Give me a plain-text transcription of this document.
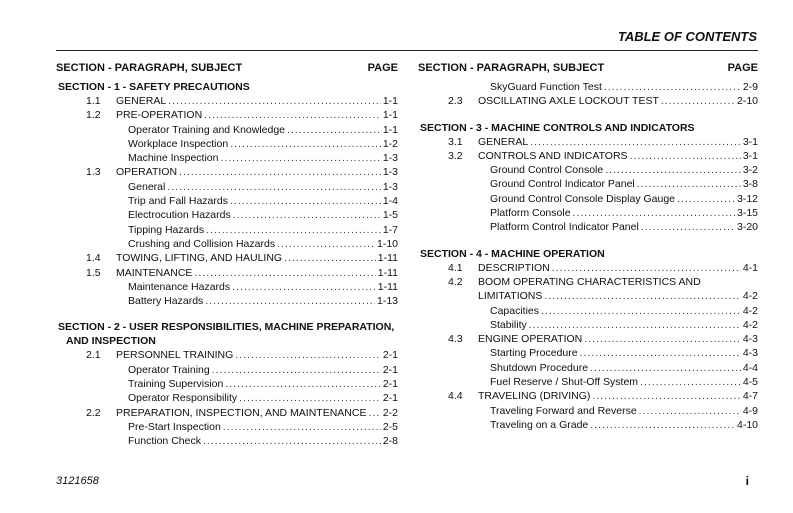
TABLE OF CONTENTS
SECTION - PARAGRAPH, SUBJECT	PAGE
SECTION - 1 - SAFETY PRECAUTIONS
1.1	GENERAL .....	1-1
1.2	PRE-OPERATION .....	1-1
Operator Training and Knowledge .....	1-1
Workplace Inspection .....	1-2
Machine Inspection .....	1-3
1.3	OPERATION .....	1-3
General .....	1-3
Trip and Fall Hazards .....	1-4
Electrocution Hazards .....	1-5
Tipping Hazards .....	1-7
Crushing and Collision Hazards .....	1-10
1.4	TOWING, LIFTING, AND HAULING .....	1-11
1.5	MAINTENANCE .....	1-11
Maintenance Hazards .....	1-11
Battery Hazards .....	1-13
SECTION - 2 - USER RESPONSIBILITIES, MACHINE PREPARATION,
AND INSPECTION
2.1	PERSONNEL TRAINING .....	2-1
Operator Training .....	2-1
Training Supervision .....	2-1
Operator Responsibility .....	2-1
2.2	PREPARATION, INSPECTION, AND MAINTENANCE ..... 2-2
Pre-Start Inspection .....	2-5
Function Check .....	2-8
SECTION - PARAGRAPH, SUBJECT	PAGE
SkyGuard Function Test .....	2-9
2.3	OSCILLATING AXLE LOCKOUT TEST .....	2-10
SECTION - 3 - MACHINE CONTROLS AND INDICATORS
3.1	GENERAL .....	3-1
3.2	CONTROLS AND INDICATORS .....	3-1
Ground Control Console .....	3-2
Ground Control Indicator Panel .....	3-8
Ground Control Console Display Gauge .....	3-12
Platform Console .....	3-15
Platform Control Indicator Panel .....	3-20
SECTION - 4 - MACHINE OPERATION
4.1	DESCRIPTION .....	4-1
4.2	BOOM OPERATING CHARACTERISTICS AND
LIMITATIONS .....	4-2
Capacities .....	4-2
Stability .....	4-2
4.3	ENGINE OPERATION .....	4-3
Starting Procedure .....	4-3
Shutdown Procedure .....	4-4
Fuel Reserve / Shut-Off System .....	4-5
4.4	TRAVELING (DRIVING) .....	4-7
Traveling Forward and Reverse .....	4-9
Traveling on a Grade .....	4-10
3121658	i
